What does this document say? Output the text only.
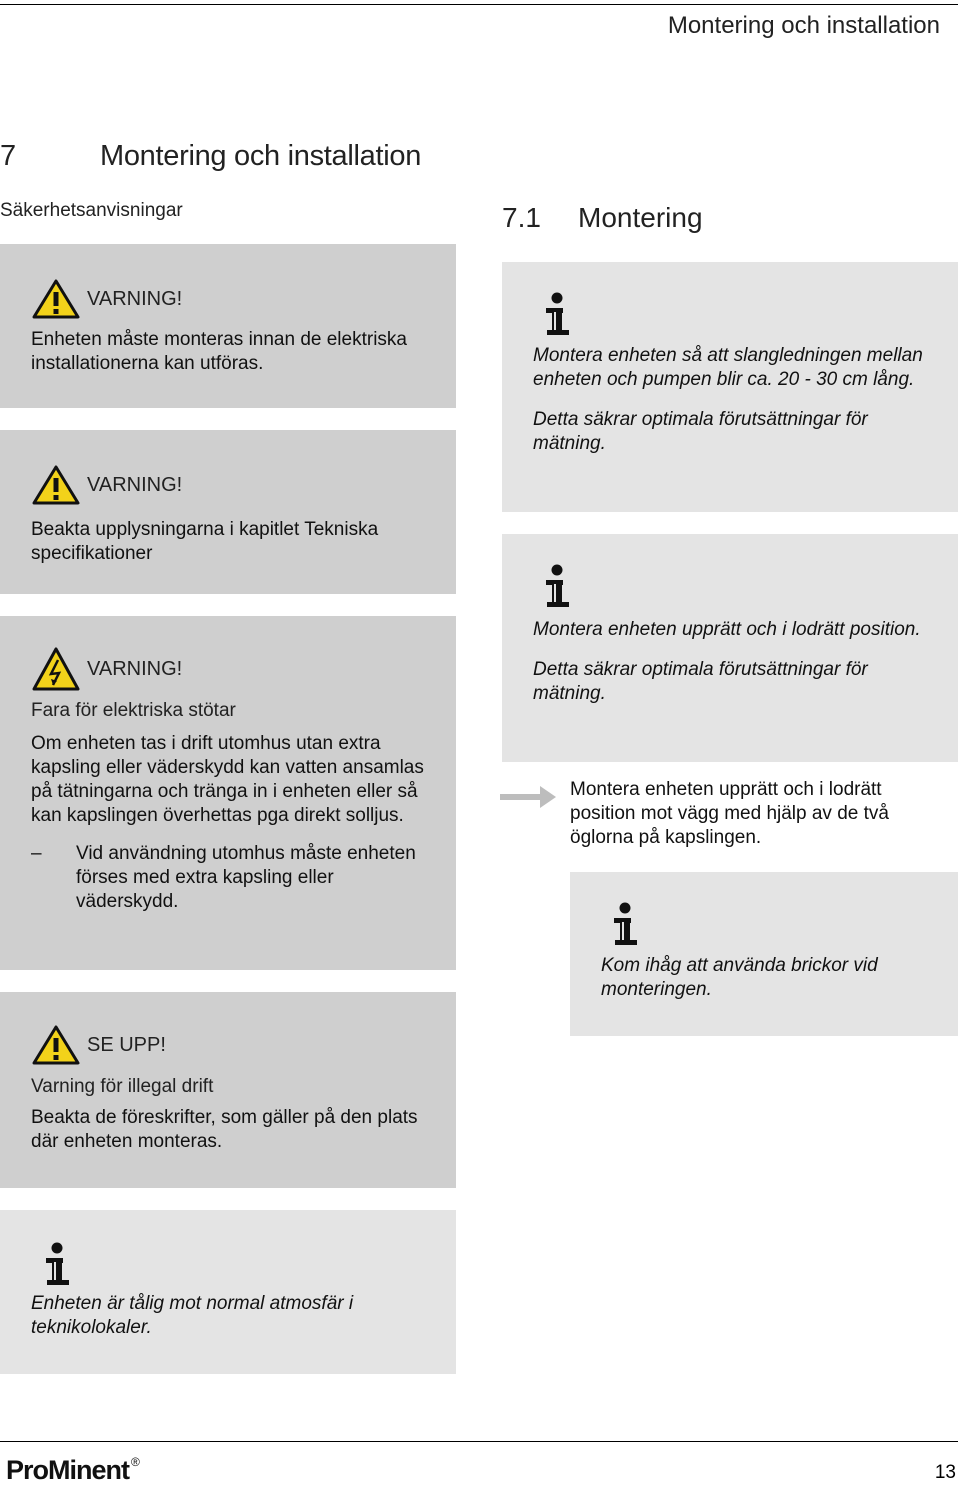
Montering och installation
7	Montering och installation
Säkerhetsanvisningar
VARNING!

Enheten måste monteras innan de elektriska installationerna kan utföras.

VARNING!

Beakta upplysningarna i kapitlet Tekniska specifikationer

VARNING!
Fara för elektriska stötar

Om enheten tas i drift utomhus utan extra kapsling eller väderskydd kan vatten ansamlas på tätningarna och tränga in i enheten eller så kan kapslingen överhettas pga direkt solljus.

–	Vid användning utomhus måste enheten förses med extra kapsling eller väderskydd.
SE UPP!
Varning för illegal drift

Beakta de föreskrifter, som gäller på den plats där enheten monteras.

Enheten är tålig mot normal atmosfär i teknikolokaler.

7.1 Montering

Montera enheten så att slangledningen mellan enheten och pumpen blir ca. 20 - 30 cm lång.

Detta säkrar optimala förutsättningar för mätning.

Montera enheten upprätt och i lodrätt position.

Detta säkrar optimala förutsättningar för mätning.

Montera enheten upprätt och i lodrätt position mot vägg med hjälp av de två öglorna på kapslingen.

Kom ihåg att använda brickor vid monteringen.

ProMinent ®	13
